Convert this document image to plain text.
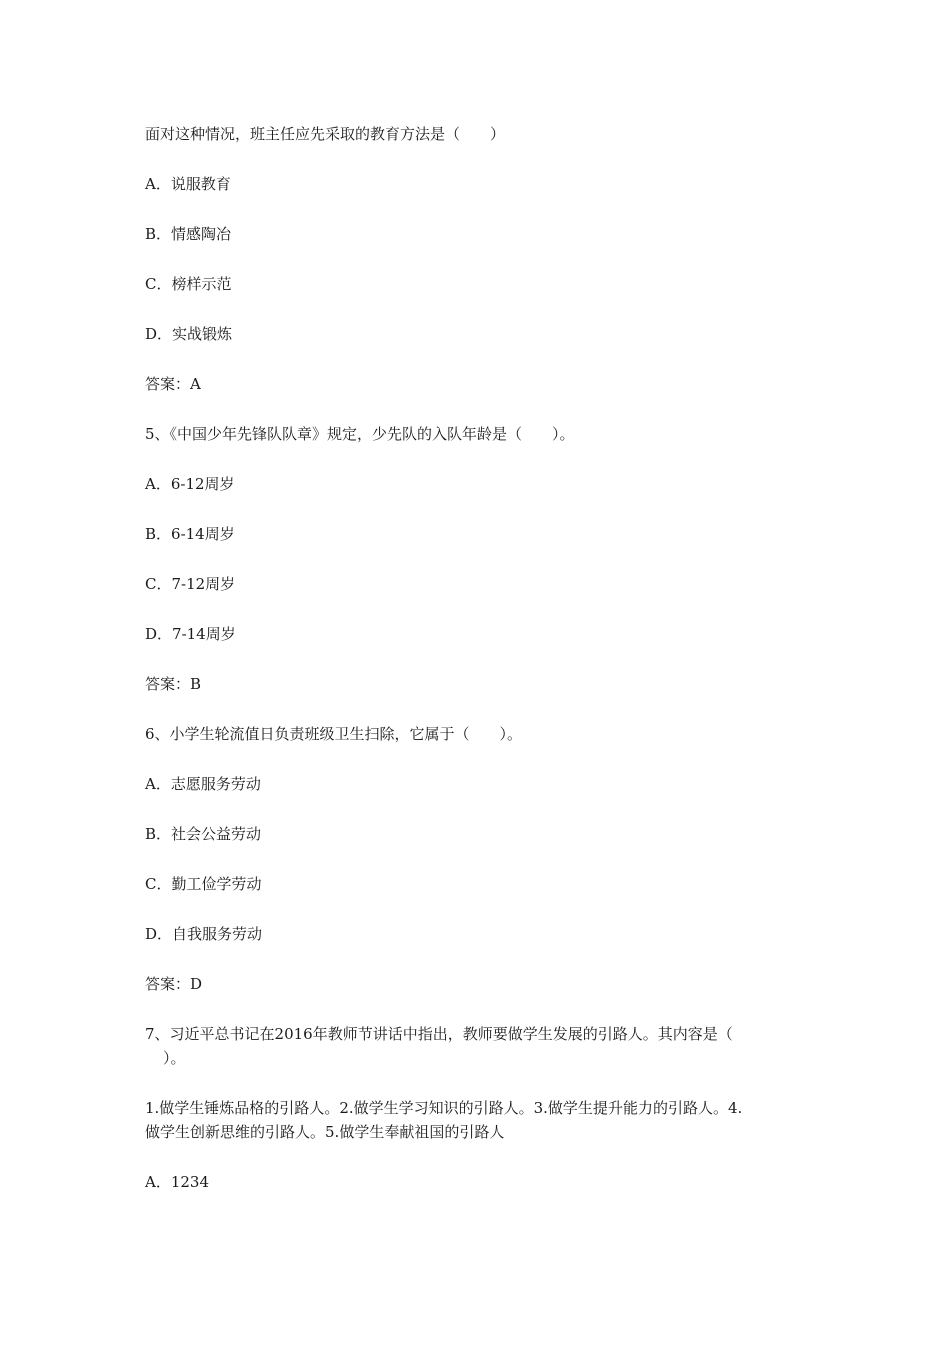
面对这种情况，班主任应先采取的教育方法是（　　）
A．说服教育
B．情感陶冶
C．榜样示范
D．实战锻炼
答案：A
5、《中国少年先锋队队章》规定，少先队的入队年龄是（　　）。
A．6-12周岁
B．6-14周岁
C．7-12周岁
D．7-14周岁
答案：B
6、小学生轮流值日负责班级卫生扫除，它属于（　　）。
A．志愿服务劳动
B．社会公益劳动
C．勤工俭学劳动
D．自我服务劳动
答案：D
7、习近平总书记在2016年教师节讲话中指出，教师要做学生发展的引路人。其内容是（
）。
1.做学生锤炼品格的引路人。2.做学生学习知识的引路人。3.做学生提升能力的引路人。4.
做学生创新思维的引路人。5.做学生奉献祖国的引路人
A．1234
